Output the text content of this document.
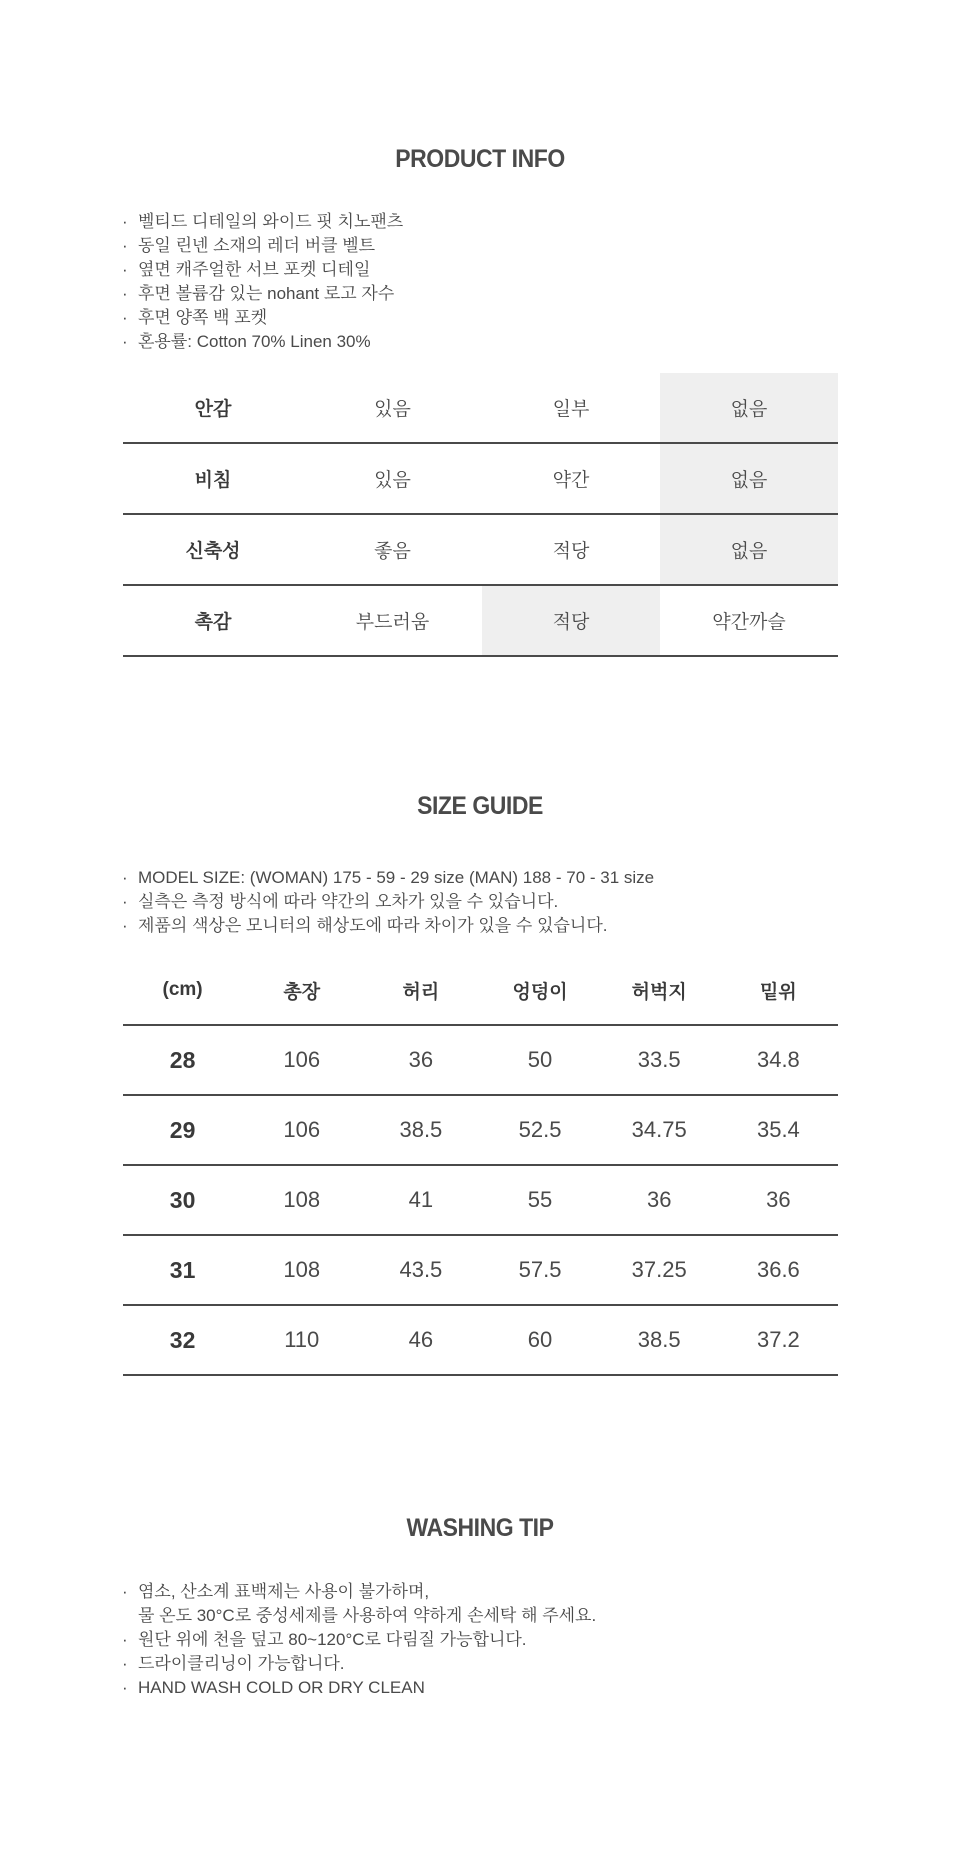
PRODUCT INFO
· 벨티드 디테일의 와이드 핏 치노팬츠
· 동일 린넨 소재의 레더 버클 벨트
· 옆면 캐주얼한 서브 포켓 디테일
· 후면 볼륨감 있는 nohant 로고 자수
· 후면 양쪽 백 포켓
· 혼용률: Cotton 70% Linen 30%
안감	있음	일부	없음
비침	있음	약간	없음
신축성	좋음	적당	없음
촉감	부드러움	적당	약간까슬
SIZE GUIDE
· MODEL SIZE: (WOMAN) 175 - 59 - 29 size (MAN) 188 - 70 - 31 size
· 실측은 측정 방식에 따라 약간의 오차가 있을 수 있습니다.
· 제품의 색상은 모니터의 해상도에 따라 차이가 있을 수 있습니다.
(cm)	총장	허리	엉덩이	허벅지	밑위
28	106	36	50	33.5	34.8
29	106	38.5	52.5	34.75	35.4
30	108	41	55	36	36
31	108	43.5	57.5	37.25	36.6
32	110	46	60	38.5	37.2
WASHING TIP
· 염소, 산소계 표백제는 사용이 불가하며,
물 온도 30°C로 중성세제를 사용하여 약하게 손세탁 해 주세요.
· 원단 위에 천을 덮고 80~120°C로 다림질 가능합니다.
· 드라이클리닝이 가능합니다.
· HAND WASH COLD OR DRY CLEAN
